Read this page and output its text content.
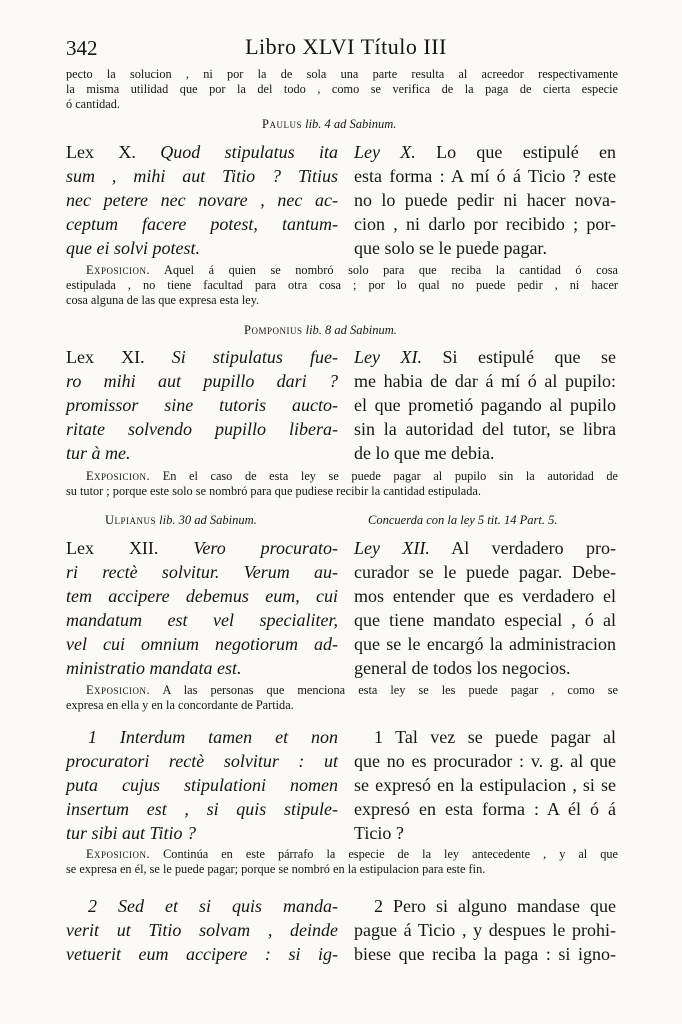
342	Libro XLVI Título III
pecto la solucion , ni por la de sola una parte resulta al acreedor respectivamente
la misma utilidad que por la del todo , como se verifica de la paga de cierta especie
ó cantidad.
Paulus lib. 4 ad Sabinum.
Lex X. Quod stipulatus ita
sum , mihi aut Titio ? Titius
nec petere nec novare , nec ac-
ceptum facere potest, tantum-
que ei solvi potest.
Ley X. Lo que estipulé en
esta forma : A mí ó á Ticio ? este
no lo puede pedir ni hacer nova-
cion , ni darlo por recibido ; por-
que solo se le puede pagar.
Exposicion. Aquel á quien se nombró solo para que reciba la cantidad ó cosa
estipulada , no tiene facultad para otra cosa ; por lo qual no puede pedir , ni hacer
cosa alguna de las que expresa esta ley.
Pomponius lib. 8 ad Sabinum.
Lex XI. Si stipulatus fue-
ro mihi aut pupillo dari ?
promissor sine tutoris aucto-
ritate solvendo pupillo libera-
tur à me.
Ley XI. Si estipulé que se
me habia de dar á mí ó al pupilo:
el que prometió pagando al pupilo
sin la autoridad del tutor, se libra
de lo que me debia.
Exposicion. En el caso de esta ley se puede pagar al pupilo sin la autoridad de
su tutor ; porque este solo se nombró para que pudiese recibir la cantidad estipulada.
Ulpianus lib. 30 ad Sabinum.	Concuerda con la ley 5 tit. 14 Part. 5.
Lex XII. Vero procurato-
ri rectè solvitur. Verum au-
tem accipere debemus eum, cui
mandatum est vel specialiter,
vel cui omnium negotiorum ad-
ministratio mandata est.
Ley XII. Al verdadero pro-
curador se le puede pagar. Debe-
mos entender que es verdadero el
que tiene mandato especial , ó al
que se le encargó la administracion
general de todos los negocios.
Exposicion. A las personas que menciona esta ley se les puede pagar , como se
expresa en ella y en la concordante de Partida.
1 Interdum tamen et non
procuratori rectè solvitur : ut
puta cujus stipulationi nomen
insertum est , si quis stipule-
tur sibi aut Titio ?
1 Tal vez se puede pagar al
que no es procurador : v. g. al que
se expresó en la estipulacion , si se
expresó en esta forma : A él ó á
Ticio ?
Exposicion. Continúa en este párrafo la especie de la ley antecedente , y al que
se expresa en él, se le puede pagar; porque se nombró en la estipulacion para este fin.
2 Sed et si quis manda-
verit ut Titio solvam , deinde
vetuerit eum accipere : si ig-
2 Pero si alguno mandase que
pague á Ticio , y despues le prohi-
biese que reciba la paga : si igno-
